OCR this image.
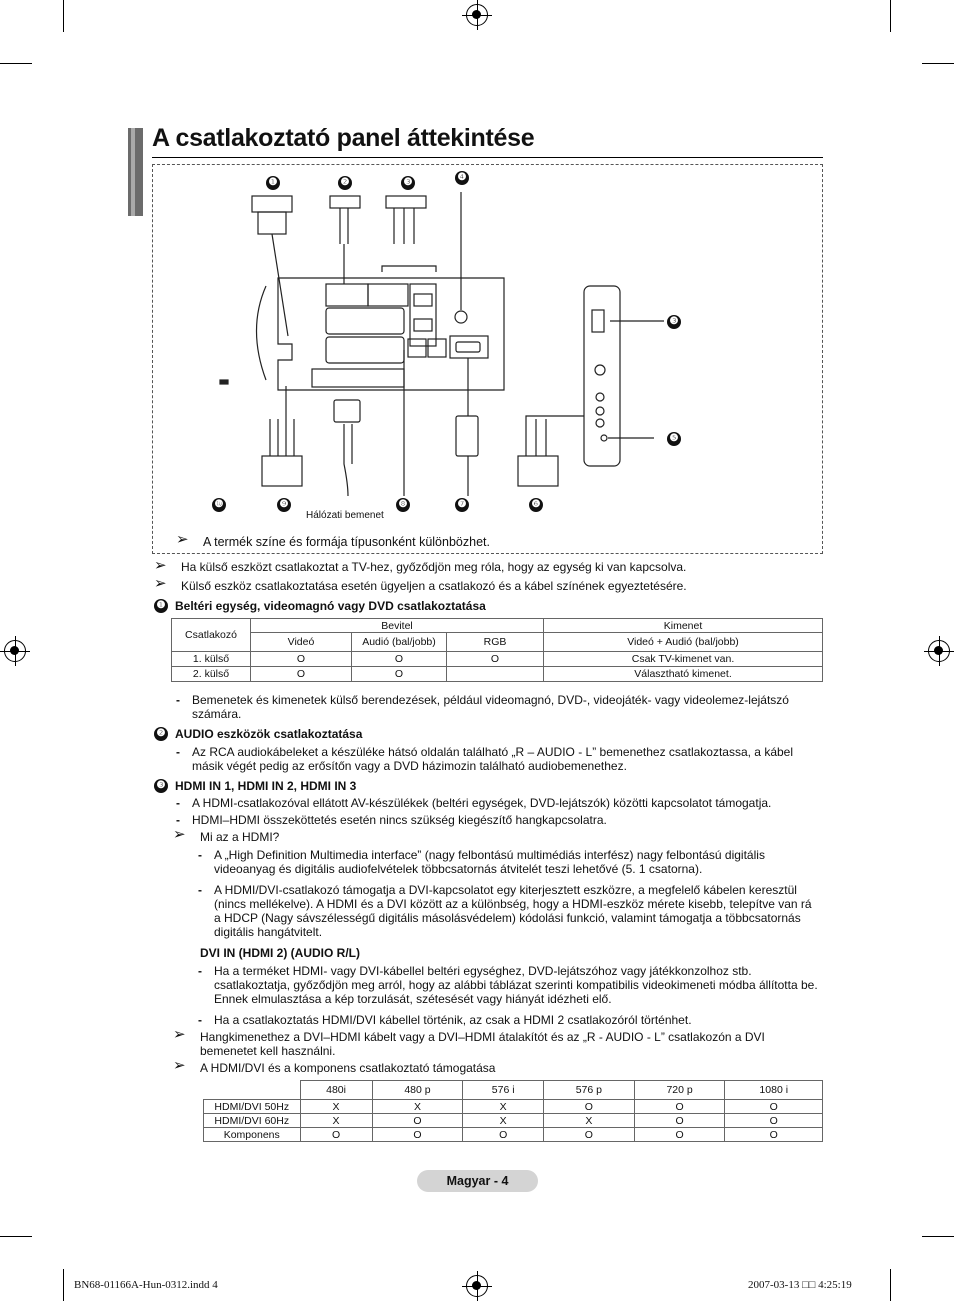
A csatlakoztató panel áttekintése
❶	❷	❸	❹
❸
❺
❻
❼
❽
❾
❿
Hálózati bemenet
➢ A termék színe és formája típusonként különbözhet.
➢ Ha külső eszközt csatlakoztat a TV-hez, győződjön meg róla, hogy az egység ki van kapcsolva.
➢ Külső eszköz csatlakoztatása esetén ügyeljen a csatlakozó és a kábel színének egyeztetésére.
❶ Beltéri egység, videomagnó vagy DVD csatlakoztatása
Csatlakozó	Bevitel			Kimenet
	Videó	Audió (bal/jobb)	RGB	Videó + Audió (bal/jobb)
1. külső	O	O	O	Csak TV-kimenet van.
2. külső	O	O		Választható kimenet.
- Bemenetek és kimenetek külső berendezések, például videomagnó, DVD-, videojáték- vagy videolemez-lejátszó számára.
❷ AUDIO eszközök csatlakoztatása
- Az RCA audiokábeleket a készüléke hátsó oldalán található „R – AUDIO - L” bemenethez csatlakoztassa, a kábel másik végét pedig az erősítőn vagy a DVD házimozin található audiobemenethez.
❸ HDMI IN 1, HDMI IN 2, HDMI IN 3
- A HDMI-csatlakozóval ellátott AV-készülékek (beltéri egységek, DVD-lejátszók) közötti kapcsolatot támogatja.
- HDMI–HDMI összeköttetés esetén nincs szükség kiegészítő hangkapcsolatra.
➢ Mi az a HDMI?
- A „High Definition Multimedia interface” (nagy felbontású multimédiás interfész) nagy felbontású digitális videoanyag és digitális audiofelvételek többcsatornás átvitelét teszi lehetővé (5. 1 csatorna).
- A HDMI/DVI-csatlakozó támogatja a DVI-kapcsolatot egy kiterjesztett eszközre, a megfelelő kábelen keresztül (nincs mellékelve). A HDMI és a DVI között az a különbség, hogy a HDMI-eszköz mérete kisebb, telepítve van rá a HDCP (Nagy sávszélességű digitális másolásvédelem) kódolási funkció, valamint támogatja a többcsatornás digitális hangátvitelt.
DVI IN (HDMI 2) (AUDIO R/L)
- Ha a terméket HDMI- vagy DVI-kábellel beltéri egységhez, DVD-lejátszóhoz vagy játékkonzolhoz stb. csatlakoztatja, győződjön meg arról, hogy az alábbi táblázat szerinti kompatibilis videokimeneti módba állította be. Ennek elmulasztása a kép torzulását, szétesését vagy hiányát idézheti elő.
- Ha a csatlakoztatás HDMI/DVI kábellel történik, az csak a HDMI 2 csatlakozóról történhet.
➢ Hangkimenethez a DVI–HDMI kábelt vagy a DVI–HDMI átalakítót és az „R - AUDIO - L” csatlakozón a DVI bemenetet kell használni.
➢ A HDMI/DVI és a komponens csatlakoztató támogatása
	480i	480 p	576 i	576 p	720 p	1080 i
HDMI/DVI 50Hz	X	X	X	O	O	O
HDMI/DVI 60Hz	X	O	X	X	O	O
Komponens	O	O	O	O	O	O
Magyar - 4
BN68-01166A-Hun-0312.indd 4	2007-03-13 □□ 4:25:19
